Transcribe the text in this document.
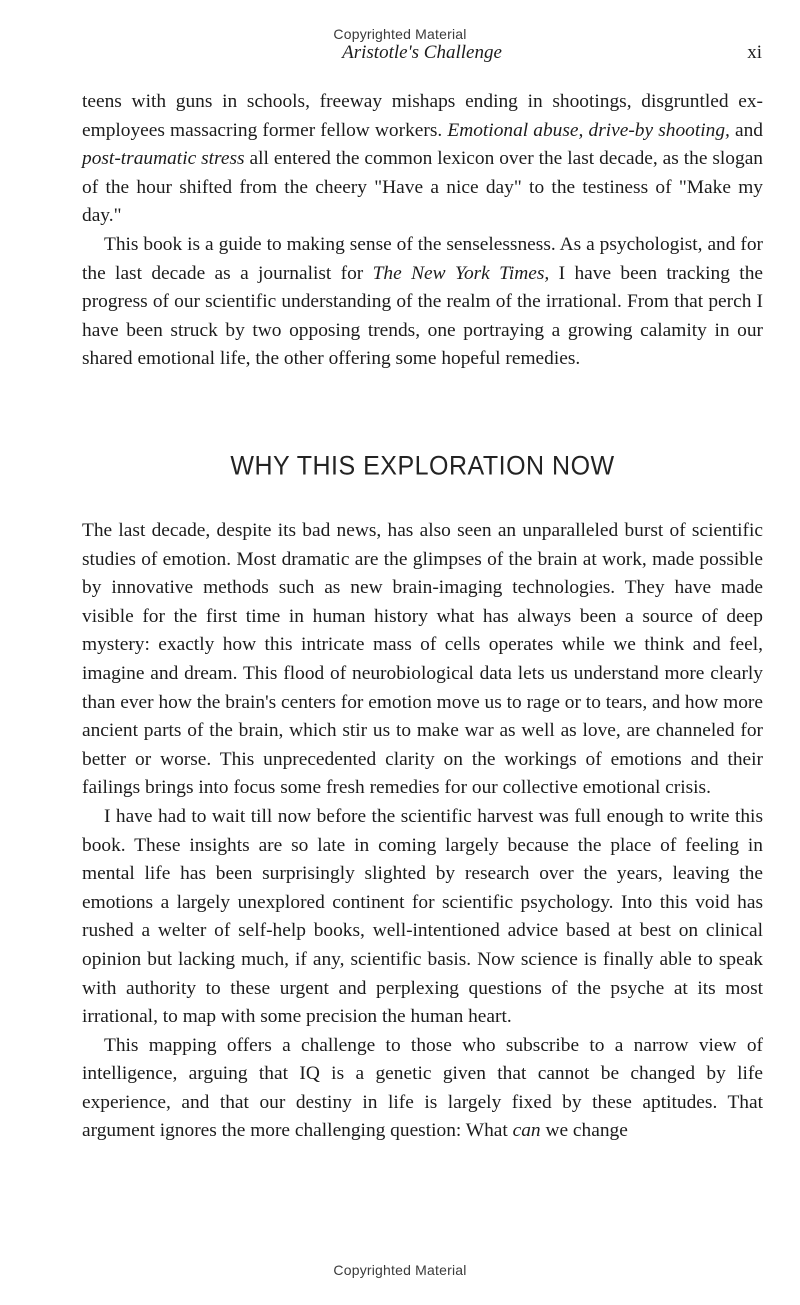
Copyrighted Material
Aristotle's Challenge	xi

teens with guns in schools, freeway mishaps ending in shootings, disgruntled ex-employees massacring former fellow workers. Emotional abuse, drive-by shooting, and post-traumatic stress all entered the common lexicon over the last decade, as the slogan of the hour shifted from the cheery "Have a nice day" to the testiness of "Make my day."

This book is a guide to making sense of the senselessness. As a psychologist, and for the last decade as a journalist for The New York Times, I have been tracking the progress of our scientific understanding of the realm of the irrational. From that perch I have been struck by two opposing trends, one portraying a growing calamity in our shared emotional life, the other offering some hopeful remedies.

WHY THIS EXPLORATION NOW

The last decade, despite its bad news, has also seen an unparalleled burst of scientific studies of emotion. Most dramatic are the glimpses of the brain at work, made possible by innovative methods such as new brain-imaging technologies. They have made visible for the first time in human history what has always been a source of deep mystery: exactly how this intricate mass of cells operates while we think and feel, imagine and dream. This flood of neurobiological data lets us understand more clearly than ever how the brain's centers for emotion move us to rage or to tears, and how more ancient parts of the brain, which stir us to make war as well as love, are channeled for better or worse. This unprecedented clarity on the workings of emotions and their failings brings into focus some fresh remedies for our collective emotional crisis.

I have had to wait till now before the scientific harvest was full enough to write this book. These insights are so late in coming largely because the place of feeling in mental life has been surprisingly slighted by research over the years, leaving the emotions a largely unexplored continent for scientific psychology. Into this void has rushed a welter of self-help books, well-intentioned advice based at best on clinical opinion but lacking much, if any, scientific basis. Now science is finally able to speak with authority to these urgent and perplexing questions of the psyche at its most irrational, to map with some precision the human heart.

This mapping offers a challenge to those who subscribe to a narrow view of intelligence, arguing that IQ is a genetic given that cannot be changed by life experience, and that our destiny in life is largely fixed by these aptitudes. That argument ignores the more challenging question: What can we change

Copyrighted Material
